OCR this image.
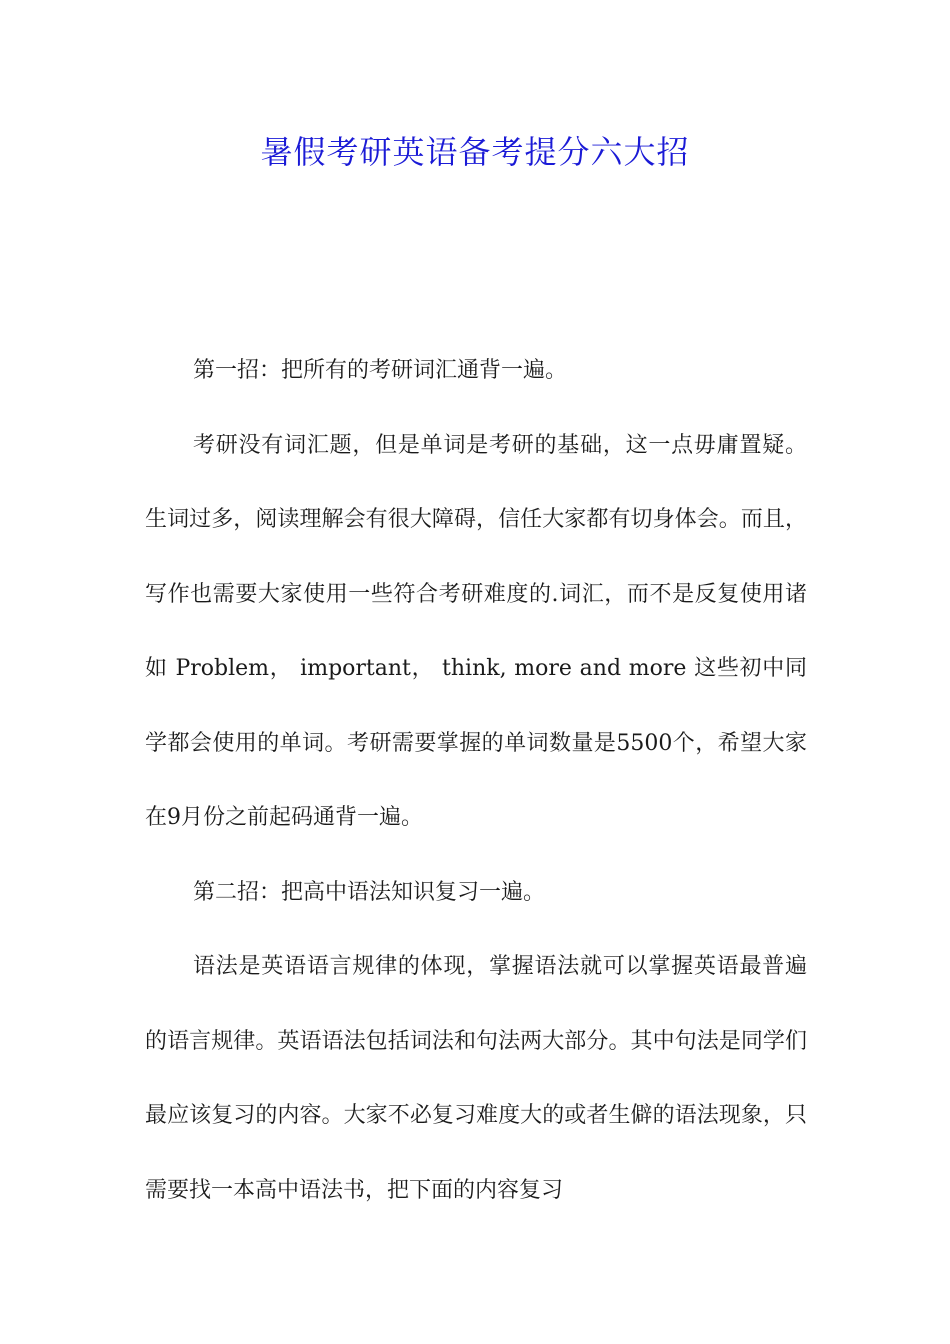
暑假考研英语备考提分六大招

第一招：把所有的考研词汇通背一遍。

考研没有词汇题，但是单词是考研的基础，这一点毋庸置疑。生词过多，阅读理解会有很大障碍，信任大家都有切身体会。而且，写作也需要大家使用一些符合考研难度的.词汇，而不是反复使用诸如 Problem， important， think, more and more 这些初中同学都会使用的单词。考研需要掌握的单词数量是5500个，希望大家在9月份之前起码通背一遍。

第二招：把高中语法知识复习一遍。

语法是英语语言规律的体现，掌握语法就可以掌握英语最普遍的语言规律。英语语法包括词法和句法两大部分。其中句法是同学们最应该复习的内容。大家不必复习难度大的或者生僻的语法现象，只需要找一本高中语法书，把下面的内容复习
